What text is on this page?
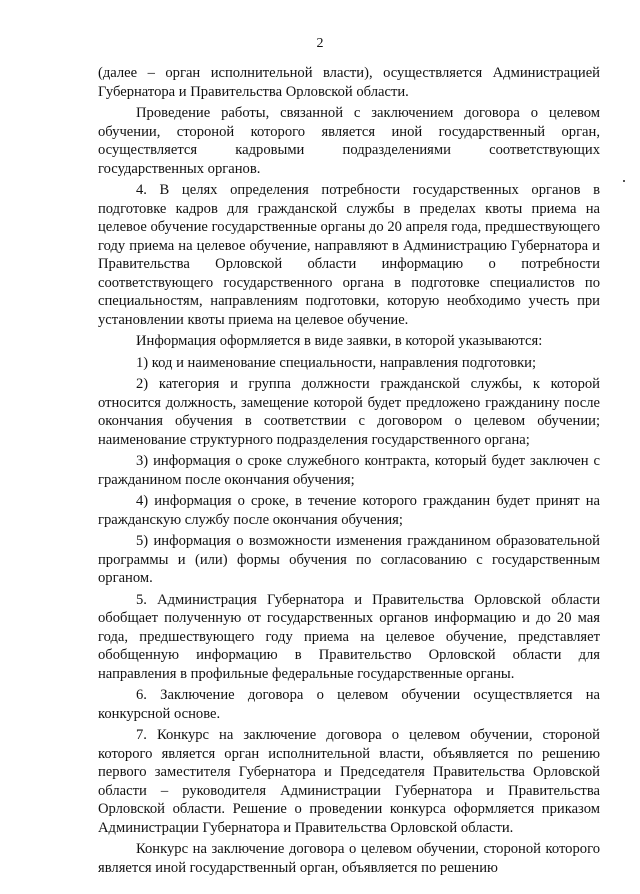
2

(далее – орган исполнительной власти), осуществляется Администрацией Губернатора и Правительства Орловской области.

Проведение работы, связанной с заключением договора о целевом обучении, стороной которого является иной государственный орган, осуществляется кадровыми подразделениями соответствующих государственных органов.

4. В целях определения потребности государственных органов в подготовке кадров для гражданской службы в пределах квоты приема на целевое обучение государственные органы до 20 апреля года, предшествующего году приема на целевое обучение, направляют в Администрацию Губернатора и Правительства Орловской области информацию о потребности соответствующего государственного органа в подготовке специалистов по специальностям, направлениям подготовки, которую необходимо учесть при установлении квоты приема на целевое обучение.

Информация оформляется в виде заявки, в которой указываются:

1) код и наименование специальности, направления подготовки;

2) категория и группа должности гражданской службы, к которой относится должность, замещение которой будет предложено гражданину после окончания обучения в соответствии с договором о целевом обучении; наименование структурного подразделения государственного органа;

3) информация о сроке служебного контракта, который будет заключен с гражданином после окончания обучения;

4) информация о сроке, в течение которого гражданин будет принят на гражданскую службу после окончания обучения;

5) информация о возможности изменения гражданином образовательной программы и (или) формы обучения по согласованию с государственным органом.

5. Администрация Губернатора и Правительства Орловской области обобщает полученную от государственных органов информацию и до 20 мая года, предшествующего году приема на целевое обучение, представляет обобщенную информацию в Правительство Орловской области для направления в профильные федеральные государственные органы.

6. Заключение договора о целевом обучении осуществляется на конкурсной основе.

7. Конкурс на заключение договора о целевом обучении, стороной которого является орган исполнительной власти, объявляется по решению первого заместителя Губернатора и Председателя Правительства Орловской области – руководителя Администрации Губернатора и Правительства Орловской области. Решение о проведении конкурса оформляется приказом Администрации Губернатора и Правительства Орловской области.

Конкурс на заключение договора о целевом обучении, стороной которого является иной государственный орган, объявляется по решению
